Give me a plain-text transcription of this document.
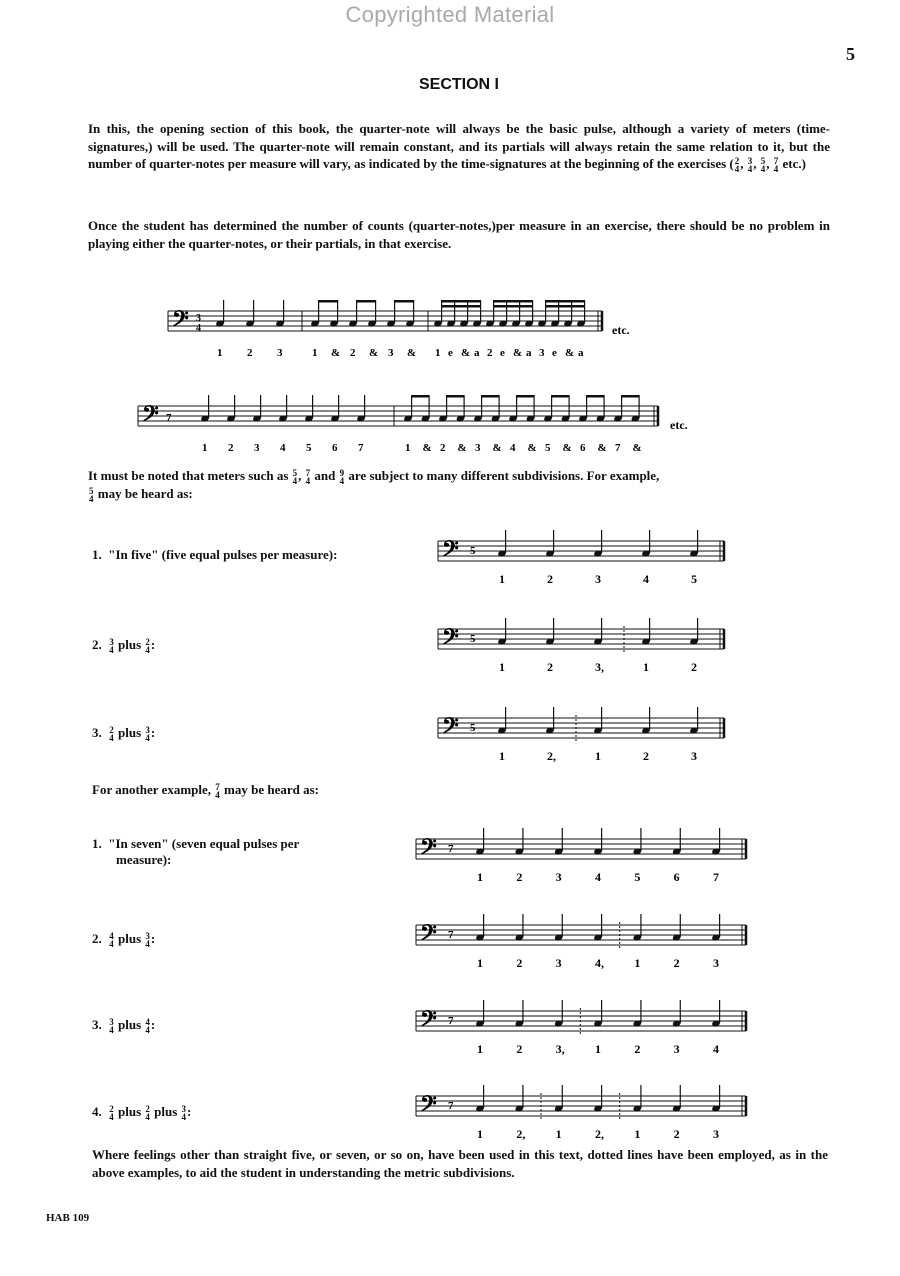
Copyrighted Material
5
SECTION I
In this, the opening section of this book, the quarter-note will always be the basic pulse, although a variety of meters (time-signatures,) will be used. The quarter-note will remain constant, and its partials will always retain the same relation to it, but the number of quarter-notes per measure will vary, as indicated by the time-signatures at the beginning of the exercises ( 2
4 , 3
4 , 5
4 , 7
4 etc.)
Once the student has determined the number of counts (quarter-notes,)per measure in an exercise, there should be no problem in playing either the quarter-notes, or their partials, in that exercise.
𝄢 3
4	etc.
1 2 3	1 & 2 & 3 & 1 e & a 2 e & a 3 e & a
𝄢 7	etc.
1 2 3 4 5 6 7	1 & 2 & 3 & 4 & 5 & 6 & 7 &
It must be noted that meters such as 5
4 , 7
4 and 9
4 are subject to many different subdivisions. For example,

5
4 may be heard as:
1. "In five" (five equal pulses per measure):
2. 3
4 plus 2
4 :
3. 2
4 plus 3
4 :
𝄢 5
1	2	3	4	5
𝄢 5
1	2	3,	1	2
𝄢 5
1	2,	1	2	3
For another example, 7
4 may be heard as:
1. "In seven" (seven equal pulses per
measure):
2. 4
4 plus 3
4 :
3. 3
4 plus 4
4 :
4. 2
4 plus 2
4 plus 3
4 :
𝄢 7
1	2	3	4	5	6	7
𝄢 7
1	2	3	4,	1	2	3
𝄢 7
1	2	3,	1	2	3	4
𝄢 7
1	2,	1	2,	1	2	3
Where feelings other than straight five, or seven, or so on, have been used in this text, dotted lines have been employed, as in the above examples, to aid the student in understanding the metric subdivisions.
HAB 109
